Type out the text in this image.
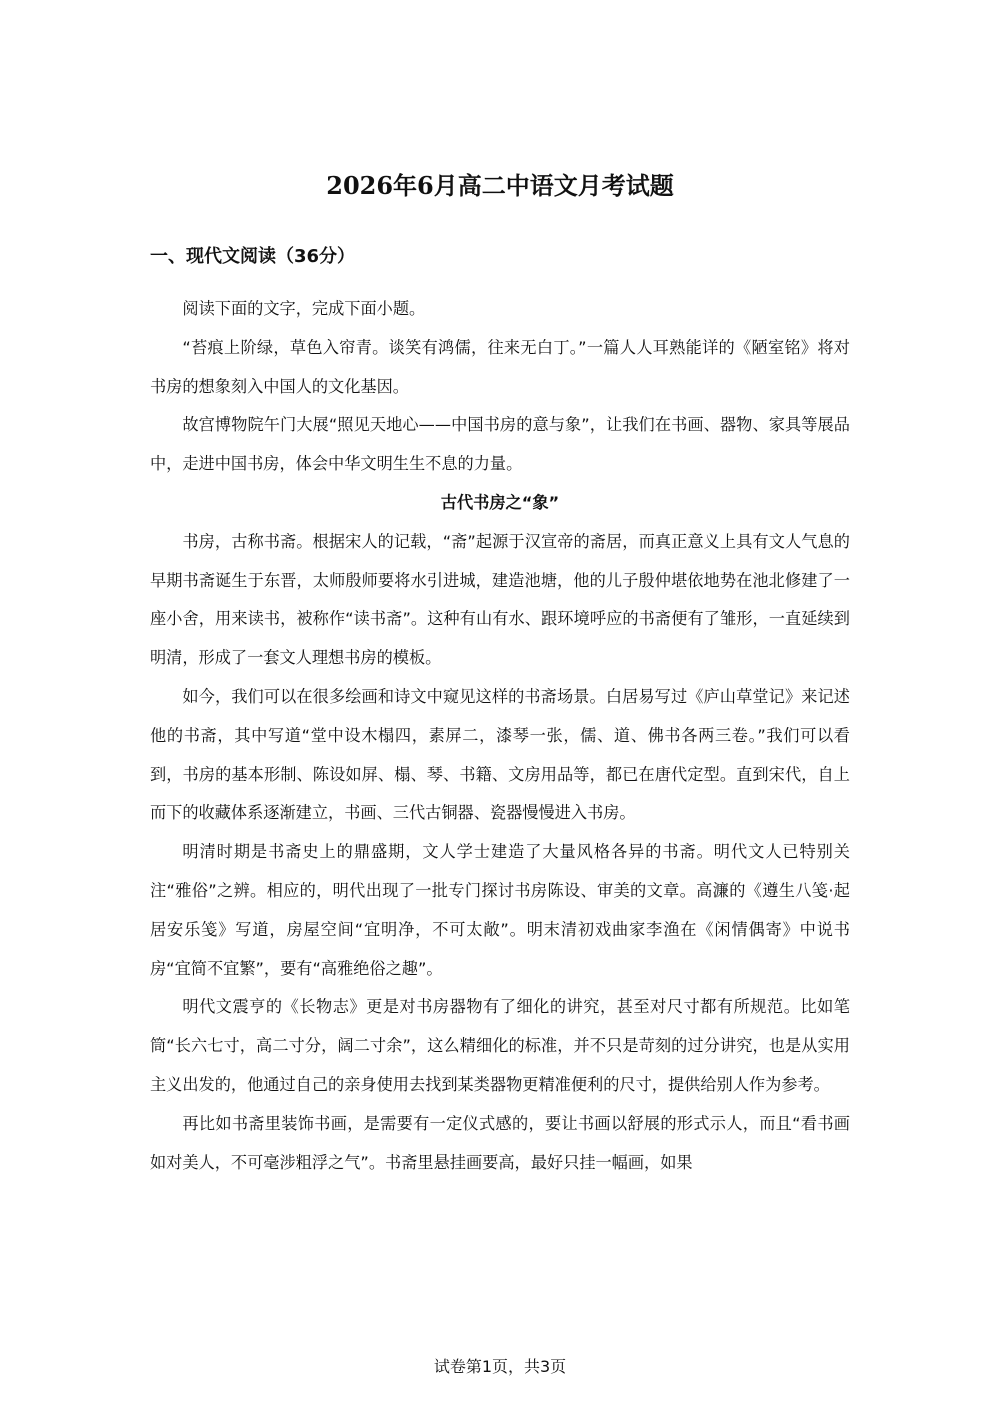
2026年6月高二中语文月考试题
一、现代文阅读（36分）

阅读下面的文字，完成下面小题。

“苔痕上阶绿，草色入帘青。谈笑有鸿儒，往来无白丁。”一篇人人耳熟能详的《陋室铭》将对书房的想象刻入中国人的文化基因。

故宫博物院午门大展“照见天地心——中国书房的意与象”，让我们在书画、器物、家具等展品中，走进中国书房，体会中华文明生生不息的力量。

古代书房之“象”

书房，古称书斋。根据宋人的记载，“斋”起源于汉宣帝的斋居，而真正意义上具有文人气息的早期书斋诞生于东晋，太师殷师要将水引进城，建造池塘，他的儿子殷仲堪依地势在池北修建了一座小舍，用来读书，被称作“读书斋”。这种有山有水、跟环境呼应的书斋便有了雏形，一直延续到明清，形成了一套文人理想书房的模板。

如今，我们可以在很多绘画和诗文中窥见这样的书斋场景。白居易写过《庐山草堂记》来记述他的书斋，其中写道“堂中设木榻四，素屏二，漆琴一张，儒、道、佛书各两三卷。”我们可以看到，书房的基本形制、陈设如屏、榻、琴、书籍、文房用品等，都已在唐代定型。直到宋代，自上而下的收藏体系逐渐建立，书画、三代古铜器、瓷器慢慢进入书房。

明清时期是书斋史上的鼎盛期，文人学士建造了大量风格各异的书斋。明代文人已特别关注“雅俗”之辨。相应的，明代出现了一批专门探讨书房陈设、审美的文章。高濂的《遵生八笺·起居安乐笺》写道，房屋空间“宜明净，不可太敞”。明末清初戏曲家李渔在《闲情偶寄》中说书房“宜简不宜繁”，要有“高雅绝俗之趣”。

明代文震亨的《长物志》更是对书房器物有了细化的讲究，甚至对尺寸都有所规范。比如笔筒“长六七寸，高二寸分，阔二寸余”，这么精细化的标准，并不只是苛刻的过分讲究，也是从实用主义出发的，他通过自己的亲身使用去找到某类器物更精准便利的尺寸，提供给别人作为参考。

再比如书斋里装饰书画，是需要有一定仪式感的，要让书画以舒展的形式示人，而且“看书画如对美人，不可毫涉粗浮之气”。书斋里悬挂画要高，最好只挂一幅画，如果

试卷第1页，共3页
